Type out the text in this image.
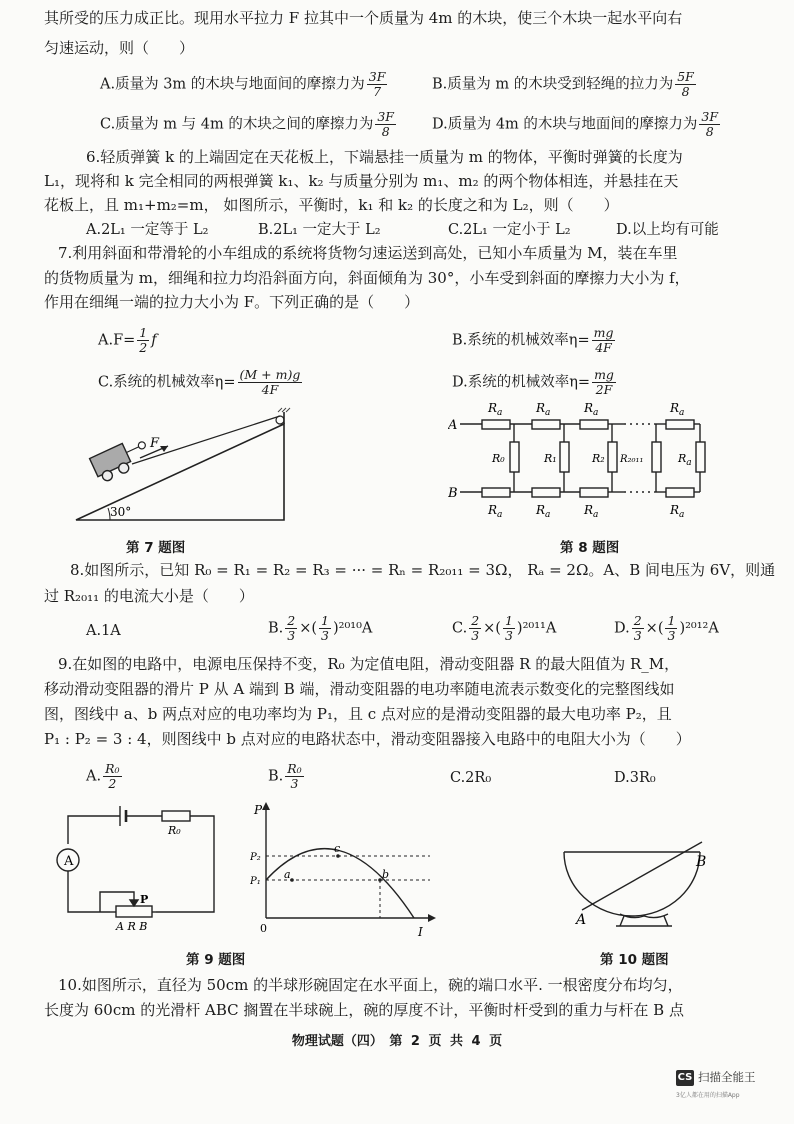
其所受的压力成正比。现用水平拉力 F 拉其中一个质量为 4m 的木块，使三个木块一起水平向右
匀速运动，则（　　）
A.质量为 3m 的木块与地面间的摩擦力为 $\frac{3F}{7}$	B.质量为 m 的木块受到轻绳的拉力为 $\frac{5F}{8}$
C.质量为 m 与 4m 的木块之间的摩擦力为 $\frac{3F}{8} D$.质量为 4m 的木块与地面间的摩擦力为 $\frac{3F}{8}$
6.轻质弹簧 k 的上端固定在天花板上，下端悬挂一质量为 m 的物体，平衡时弹簧的长度为
L₁，现将和 k 完全相同的两根弹簧 k₁、k₂ 与质量分别为 m₁、m₂ 的两个物体相连，并悬挂在天
花板上，且 m₁+m₂=m， 如图所示，平衡时，k₁ 和 k₂ 的长度之和为 L₂，则（　　）
A.2L₁ 一定等于 L₂	B.2L₁ 一定大于 L₂	C.2L₁ 一定小于 L₂	D.以上均有可能
7.利用斜面和带滑轮的小车组成的系统将货物匀速运送到高处，已知小车质量为 M，装在车里
的货物质量为 m，细绳和拉力均沿斜面方向，斜面倾角为 30°，小车受到斜面的摩擦力大小为 f，
作用在细绳一端的拉力大小为 F。下列正确的是（　　）
$A.F= \frac{1}{2}$ f	B.系统的机械效率$\eta= \frac{mg}{4F}$
C.系统的机械效率$\eta= \frac{(M + m)g}{4F}$	D.系统的机械效率$\eta= \frac{mg}{2F}$
F
30°
第 7 题图
A
B
$R_a$	$R_a$	$R_a$	$R_a$
$R_a$	$R_a$	$R_a$	$R_a$
R₀	R₁	R₂ R₂₀₁₁	$R_a$
第 8 题图
8.如图所示，已知 R₀ = R₁ = R₂ = R₃ = ··· = Rₙ = R₂₀₁₁ = 3Ω， Rₐ = 2Ω。A、B 间电压为 6V，则通
过 R₂₀₁₁ 的电流大小是（　　）
A.1A	B. $\frac{2}{3}$ ×( $\frac{1}{3} )^{2010}A$	C. $\frac{2}{3}$ ×( $\frac{1}{3} )^{2011}A$	D. $\frac{2}{3}$ ×( $\frac{1}{3} )^{2012}A$
9.在如图的电路中，电源电压保持不变，R₀ 为定值电阻，滑动变阻器 R 的最大阻值为 R_M，
移动滑动变阻器的滑片 P 从 A 端到 B 端，滑动变阻器的电功率随电流表示数变化的完整图线如
图，图线中 a、b 两点对应的电功率均为 P₁，且 c 点对应的是滑动变阻器的最大电功率 P₂，且
P₁ : P₂ = 3 : 4，则图线中 b 点对应的电路状态中，滑动变阻器接入电路中的电阻大小为（　　）
A. $\frac{\text{R₀}}{2}$	B. $\frac{\text{R₀}}{3}$	C.2R₀	D.3R₀
A
R₀
P
A R B
P
P₂
P₁
a
c
b
0	I
第 9 题图
A
B
第 10 题图
10.如图所示，直径为 50cm 的半球形碗固定在水平面上，碗的端口水平. 一根密度分布均匀，
长度为 60cm 的光滑杆 ABC 搁置在半球碗上，碗的厚度不计，平衡时杆受到的重力与杆在 B 点
物理试题（四）　第 2 页 共 4 页
CS 扫描全能王
3亿人都在用的扫描App
